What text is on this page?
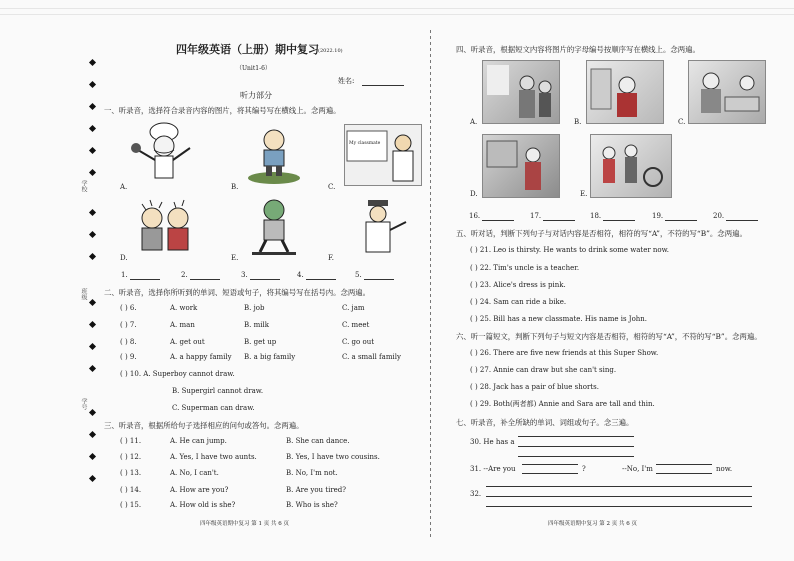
学校
班级
学号
四年级英语（上册）期中复习 (2022.10)
（Unit1-6）
姓名:
听力部分
一、听录音，选择符合录音内容的图片，将其编号写在横线上。念两遍。
My classmate
A.	B.	C.
D.	E.	F.
1.	2.	3.	4.	5.
二、听录音，选择你所听到的单词、短语或句子，将其编号写在括号内。念两遍。
( ) 6.	A. work	B. job	C. jam
( ) 7.	A. man	B. milk	C. meet
( ) 8.	A. get out	B. get up	C. go out
( ) 9.	A. a happy family B. a big family	C. a small family
( ) 10. A. Superboy cannot draw.
B. Supergirl cannot draw.
C. Superman can draw.
三、听录音，根据所给句子选择相应的问句或答句。念两遍。
( ) 11.	A. He can jump.	B. She can dance.
( ) 12.	A. Yes, I have two aunts.	B. Yes, I have two cousins.
( ) 13.	A. No, I can't.	B. No, I'm not.
( ) 14.	A. How are you?	B. Are you tired?
( ) 15.	A. How old is she?	B. Who is she?
四年级英语期中复习 第 1 页 共 6 页
四、听录音，根据短文内容将图片的字母编号按顺序写在横线上。念两遍。
A.	B.	C.
D.	E.
16.	17.	18.	19.	20.
五、听对话，判断下列句子与对话内容是否相符，相符的写“A”，不符的写“B”。念两遍。
( ) 21. Leo is thirsty. He wants to drink some water now.
( ) 22. Tim's uncle is a teacher.
( ) 23. Alice's dress is pink.
( ) 24. Sam can ride a bike.
( ) 25. Bill has a new classmate. His name is John.
六、听一篇短文，判断下列句子与短文内容是否相符，相符的写“A”，不符的写“B”。念两遍。
( ) 26. There are five new friends at this Super Show.
( ) 27. Annie can draw but she can't sing.
( ) 28. Jack has a pair of blue shorts.
( ) 29. Both(两者都) Annie and Sara are tall and thin.
七、听录音，补全所缺的单词、词组或句子。念三遍。
30. He has a
31. --Are you	?	--No, I'm	now.
32.
四年级英语期中复习 第 2 页 共 6 页
